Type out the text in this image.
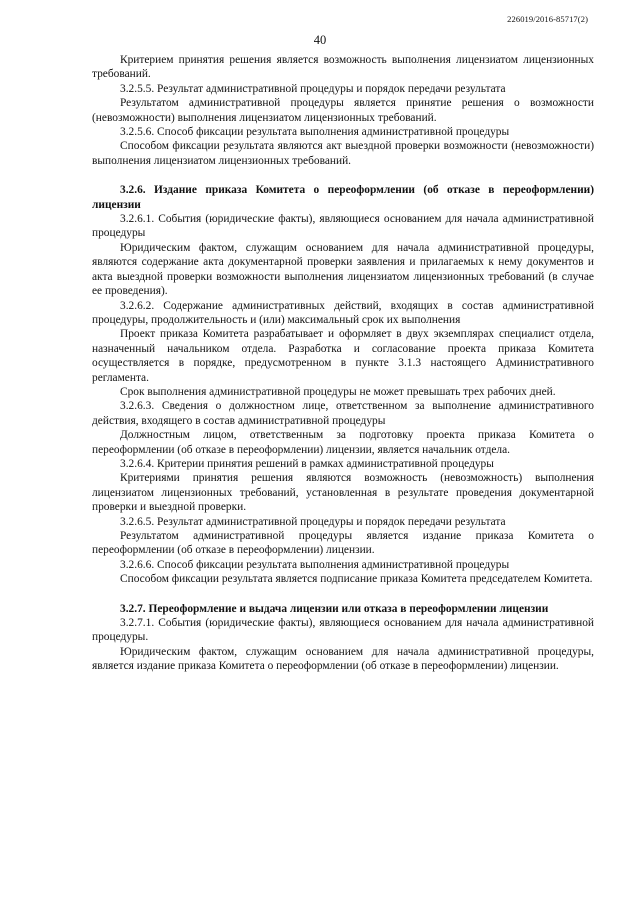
226019/2016-85717(2)
40

Критерием принятия решения является возможность выполнения лицензиатом лицензионных требований.

3.2.5.5. Результат административной процедуры и порядок передачи результата

Результатом административной процедуры является принятие решения о возможности (невозможности) выполнения лицензиатом лицензионных требований.

3.2.5.6. Способ фиксации результата выполнения административной процедуры

Способом фиксации результата являются акт выездной проверки возможности (невозможности) выполнения лицензиатом лицензионных требований.

3.2.6. Издание приказа Комитета о переоформлении (об отказе в переоформлении) лицензии

3.2.6.1. События (юридические факты), являющиеся основанием для начала административной процедуры

Юридическим фактом, служащим основанием для начала административной процедуры, являются содержание акта документарной проверки заявления и прилагаемых к нему документов и акта выездной проверки возможности выполнения лицензиатом лицензионных требований (в случае ее проведения).

3.2.6.2. Содержание административных действий, входящих в состав административной процедуры, продолжительность и (или) максимальный срок их выполнения

Проект приказа Комитета разрабатывает и оформляет в двух экземплярах специалист отдела, назначенный начальником отдела. Разработка и согласование проекта приказа Комитета осуществляется в порядке, предусмотренном в пункте 3.1.3 настоящего Административного регламента.

Срок выполнения административной процедуры не может превышать трех рабочих дней.

3.2.6.3. Сведения о должностном лице, ответственном за выполнение административного действия, входящего в состав административной процедуры

Должностным лицом, ответственным за подготовку проекта приказа Комитета о переоформлении (об отказе в переоформлении) лицензии, является начальник отдела.

3.2.6.4. Критерии принятия решений в рамках административной процедуры

Критериями принятия решения являются возможность (невозможность) выполнения лицензиатом лицензионных требований, установленная в результате проведения документарной проверки и выездной проверки.

3.2.6.5. Результат административной процедуры и порядок передачи результата

Результатом административной процедуры является издание приказа Комитета о переоформлении (об отказе в переоформлении) лицензии.

3.2.6.6. Способ фиксации результата выполнения административной процедуры

Способом фиксации результата является подписание приказа Комитета председателем Комитета.

3.2.7. Переоформление и выдача лицензии или отказа в переоформлении лицензии

3.2.7.1. События (юридические факты), являющиеся основанием для начала административной процедуры.

Юридическим фактом, служащим основанием для начала административной процедуры, является издание приказа Комитета о переоформлении (об отказе в переоформлении) лицензии.
